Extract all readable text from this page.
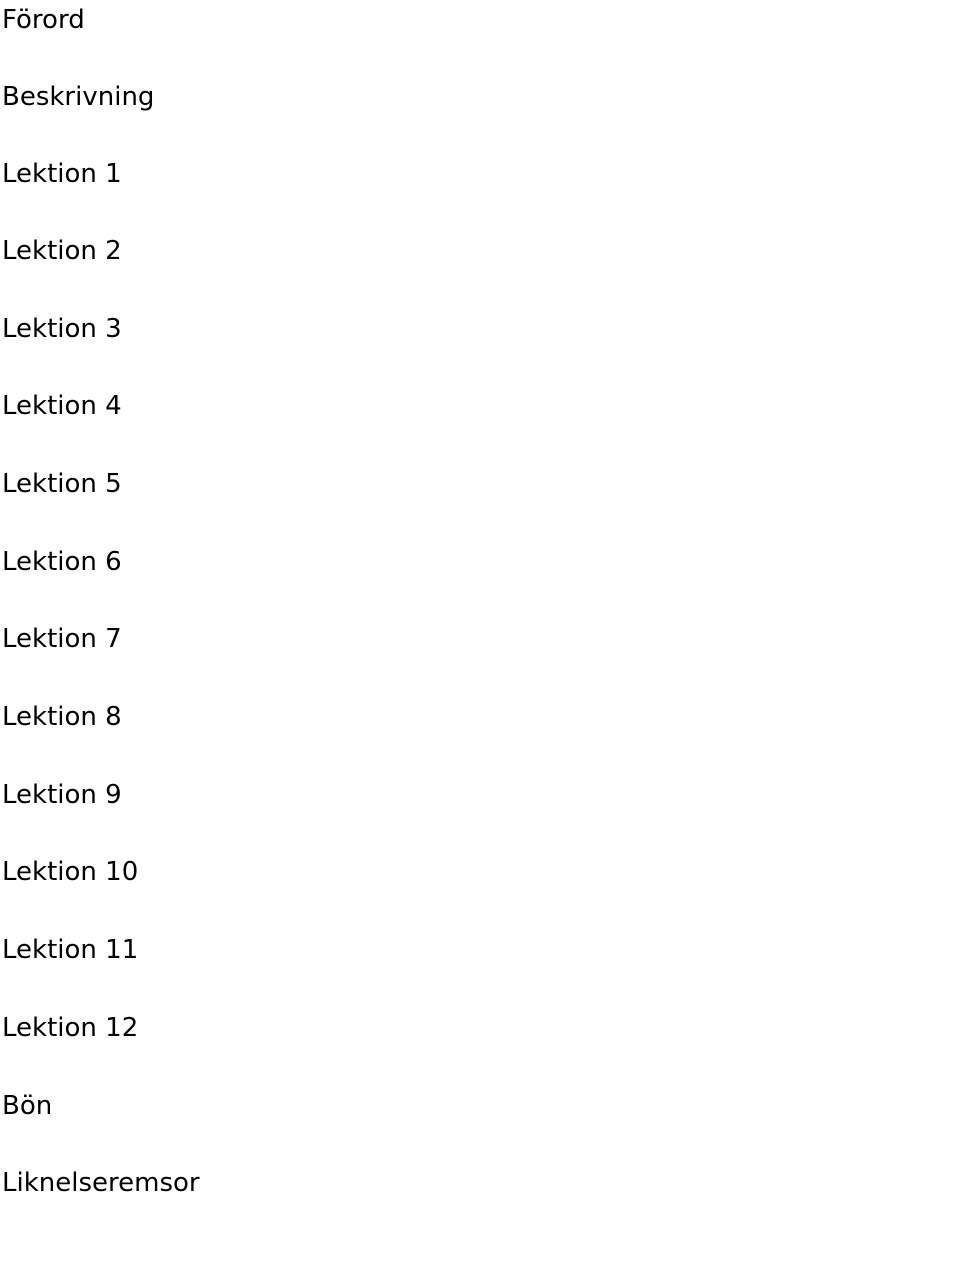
Förord
Beskrivning
Lektion 1
Lektion 2
Lektion 3
Lektion 4
Lektion 5
Lektion 6
Lektion 7
Lektion 8
Lektion 9
Lektion 10
Lektion 11
Lektion 12
Bön
Liknelseremsor
